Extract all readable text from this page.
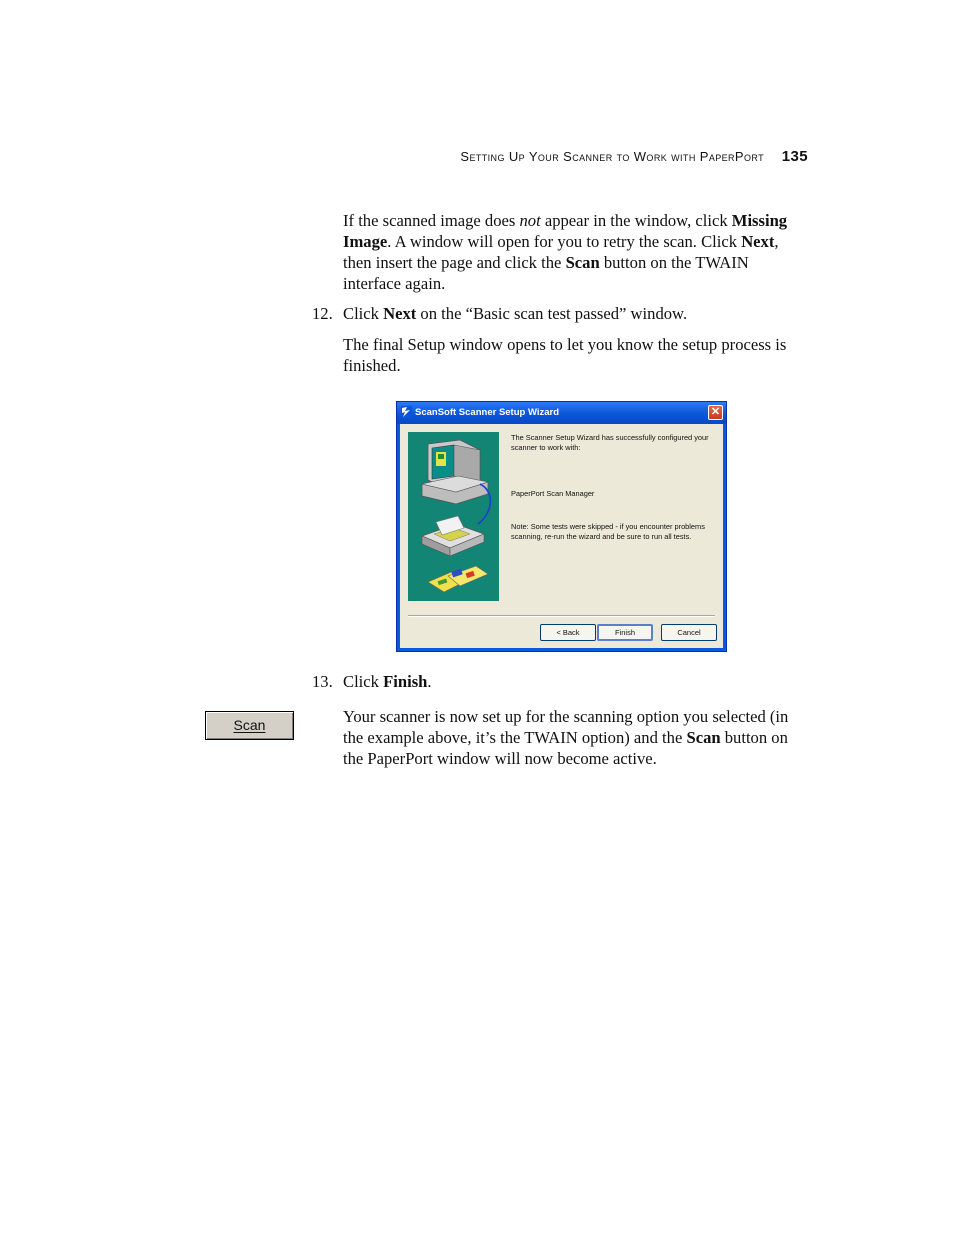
Setting Up Your Scanner to Work with PaperPort 135

If the scanned image does not appear in the window, click Missing Image. A window will open for you to retry the scan. Click Next, then insert the page and click the Scan button on the TWAIN interface again.

12. Click Next on the “Basic scan test passed” window.

The final Setup window opens to let you know the setup process is finished.

ScanSoft Scanner Setup Wizard	✕

The Scanner Setup Wizard has successfully configured your scanner to work with:

PaperPort Scan Manager

Note: Some tests were skipped - if you encounter problems scanning, re-run the wizard and be sure to run all tests.

< Back	Finish	Cancel

13. Click Finish.

Scan	Your scanner is now set up for the scanning option you selected (in the example above, it’s the TWAIN option) and the Scan button on the PaperPort window will now become active.
